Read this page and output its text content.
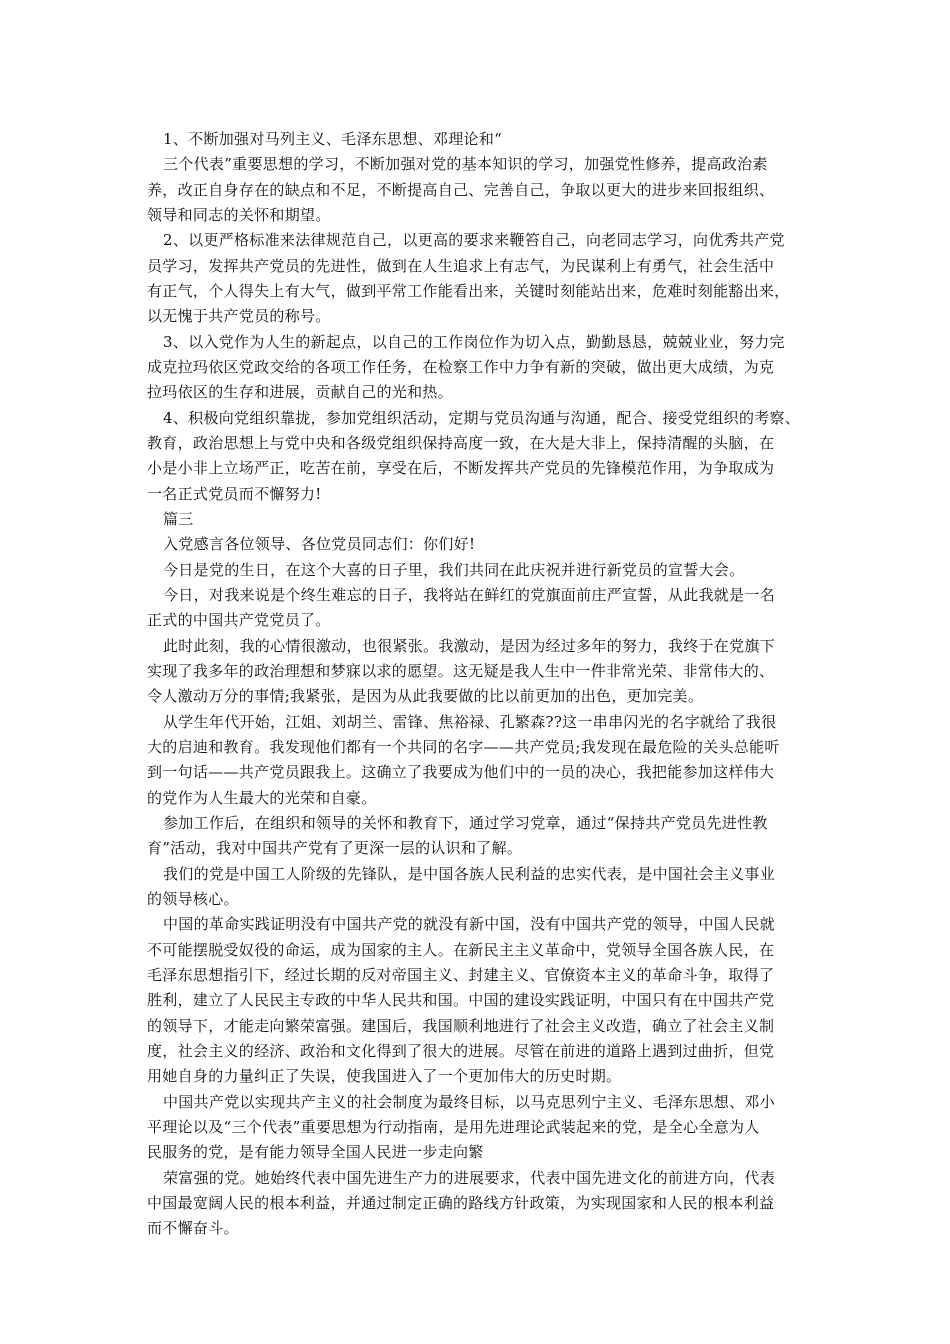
1、不断加强对马列主义、毛泽东思想、邓理论和“
三个代表”重要思想的学习，不断加强对党的基本知识的学习，加强党性修养，提高政治素
养，改正自身存在的缺点和不足，不断提高自己、完善自己，争取以更大的进步来回报组织、
领导和同志的关怀和期望。
2、以更严格标准来法律规范自己，以更高的要求来鞭笞自己，向老同志学习，向优秀共产党
员学习，发挥共产党员的先进性，做到在人生追求上有志气，为民谋利上有勇气，社会生活中
有正气，个人得失上有大气，做到平常工作能看出来，关键时刻能站出来，危难时刻能豁出来，
以无愧于共产党员的称号。
3、以入党作为人生的新起点，以自己的工作岗位作为切入点，勤勤恳恳，兢兢业业，努力完
成克拉玛依区党政交给的各项工作任务，在检察工作中力争有新的突破，做出更大成绩，为克
拉玛依区的生存和进展，贡献自己的光和热。
4、积极向党组织靠拢，参加党组织活动，定期与党员沟通与沟通，配合、接受党组织的考察、
教育，政治思想上与党中央和各级党组织保持高度一致，在大是大非上，保持清醒的头脑，在
小是小非上立场严正，吃苦在前，享受在后，不断发挥共产党员的先锋模范作用，为争取成为
一名正式党员而不懈努力!
篇三
入党感言各位领导、各位党员同志们：你们好!
今日是党的生日，在这个大喜的日子里，我们共同在此庆祝并进行新党员的宣誓大会。
今日，对我来说是个终生难忘的日子，我将站在鲜红的党旗面前庄严宣誓，从此我就是一名
正式的中国共产党党员了。
此时此刻，我的心情很激动，也很紧张。我激动，是因为经过多年的努力，我终于在党旗下
实现了我多年的政治理想和梦寐以求的愿望。这无疑是我人生中一件非常光荣、非常伟大的、
令人激动万分的事情;我紧张，是因为从此我要做的比以前更加的出色，更加完美。
从学生年代开始，江姐、刘胡兰、雷锋、焦裕禄、孔繁森??这一串串闪光的名字就给了我很
大的启迪和教育。我发现他们都有一个共同的名字——共产党员;我发现在最危险的关头总能听
到一句话——共产党员跟我上。这确立了我要成为他们中的一员的决心，我把能参加这样伟大
的党作为人生最大的光荣和自豪。
参加工作后，在组织和领导的关怀和教育下，通过学习党章，通过“保持共产党员先进性教
育”活动，我对中国共产党有了更深一层的认识和了解。
我们的党是中国工人阶级的先锋队，是中国各族人民利益的忠实代表，是中国社会主义事业
的领导核心。
中国的革命实践证明没有中国共产党的就没有新中国，没有中国共产党的领导，中国人民就
不可能摆脱受奴役的命运，成为国家的主人。在新民主主义革命中，党领导全国各族人民，在
毛泽东思想指引下，经过长期的反对帝国主义、封建主义、官僚资本主义的革命斗争，取得了
胜利，建立了人民民主专政的中华人民共和国。中国的建设实践证明，中国只有在中国共产党
的领导下，才能走向繁荣富强。建国后，我国顺利地进行了社会主义改造，确立了社会主义制
度，社会主义的经济、政治和文化得到了很大的进展。尽管在前进的道路上遇到过曲折，但党
用她自身的力量纠正了失误，使我国进入了一个更加伟大的历史时期。
中国共产党以实现共产主义的社会制度为最终目标，以马克思列宁主义、毛泽东思想、邓小
平理论以及“三个代表”重要思想为行动指南，是用先进理论武装起来的党，是全心全意为人
民服务的党，是有能力领导全国人民进一步走向繁
荣富强的党。她始终代表中国先进生产力的进展要求，代表中国先进文化的前进方向，代表
中国最宽阔人民的根本利益，并通过制定正确的路线方针政策，为实现国家和人民的根本利益
而不懈奋斗。
